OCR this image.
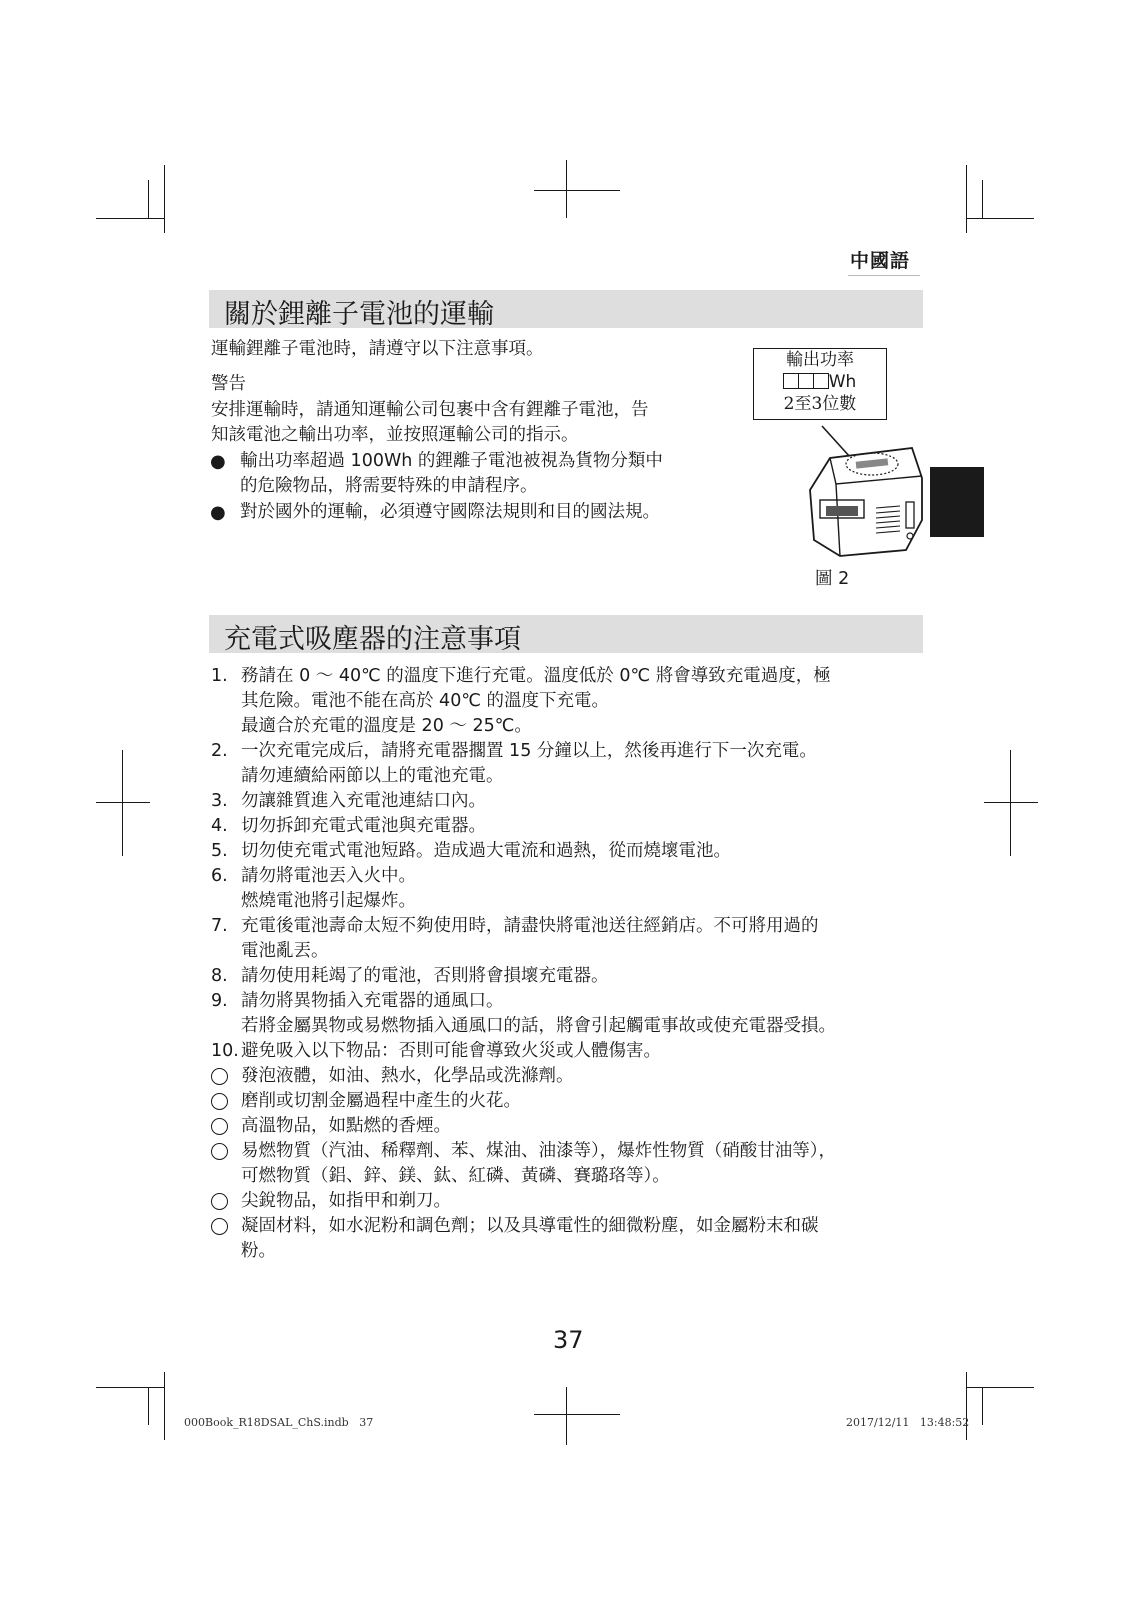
中國語
關於鋰離子電池的運輸
運輸鋰離子電池時，請遵守以下注意事項。
警告
安排運輸時，請通知運輸公司包裹中含有鋰離子電池，告
知該電池之輸出功率，並按照運輸公司的指示。
● 輸出功率超過 100Wh 的鋰離子電池被視為貨物分類中
的危險物品，將需要特殊的申請程序。
● 對於國外的運輸，必須遵守國際法規則和目的國法規。
輸出功率
Wh
2至3位數
圖 2
充電式吸塵器的注意事項
1. 務請在 0 ～ 40℃ 的溫度下進行充電。溫度低於 0℃ 將會導致充電過度，極
其危險。電池不能在高於 40℃ 的溫度下充電。
最適合於充電的溫度是 20 ～ 25℃。
2. 一次充電完成后，請將充電器擱置 15 分鐘以上，然後再進行下一次充電。
請勿連續給兩節以上的電池充電。
3. 勿讓雜質進入充電池連結口內。
4. 切勿拆卸充電式電池與充電器。
5. 切勿使充電式電池短路。造成過大電流和過熱，從而燒壞電池。
6. 請勿將電池丟入火中。
燃燒電池將引起爆炸。
7. 充電後電池壽命太短不夠使用時，請盡快將電池送往經銷店。不可將用過的
電池亂丟。
8. 請勿使用耗竭了的電池，否則將會損壞充電器。
9. 請勿將異物插入充電器的通風口。
若將金屬異物或易燃物插入通風口的話，將會引起觸電事故或使充電器受損。
10. 避免吸入以下物品：否則可能會導致火災或人體傷害。
發泡液體，如油、熱水，化學品或洗滌劑。
磨削或切割金屬過程中產生的火花。
高溫物品，如點燃的香煙。
易燃物質（汽油、稀釋劑、苯、煤油、油漆等），爆炸性物質（硝酸甘油等），
可燃物質（鋁、鋅、鎂、鈦、紅磷、黃磷、賽璐珞等）。
尖銳物品，如指甲和剃刀。
凝固材料，如水泥粉和調色劑；以及具導電性的細微粉塵，如金屬粉末和碳
粉。
37
000Book_R18DSAL_ChS.indb   37	2017/12/11   13:48:52
